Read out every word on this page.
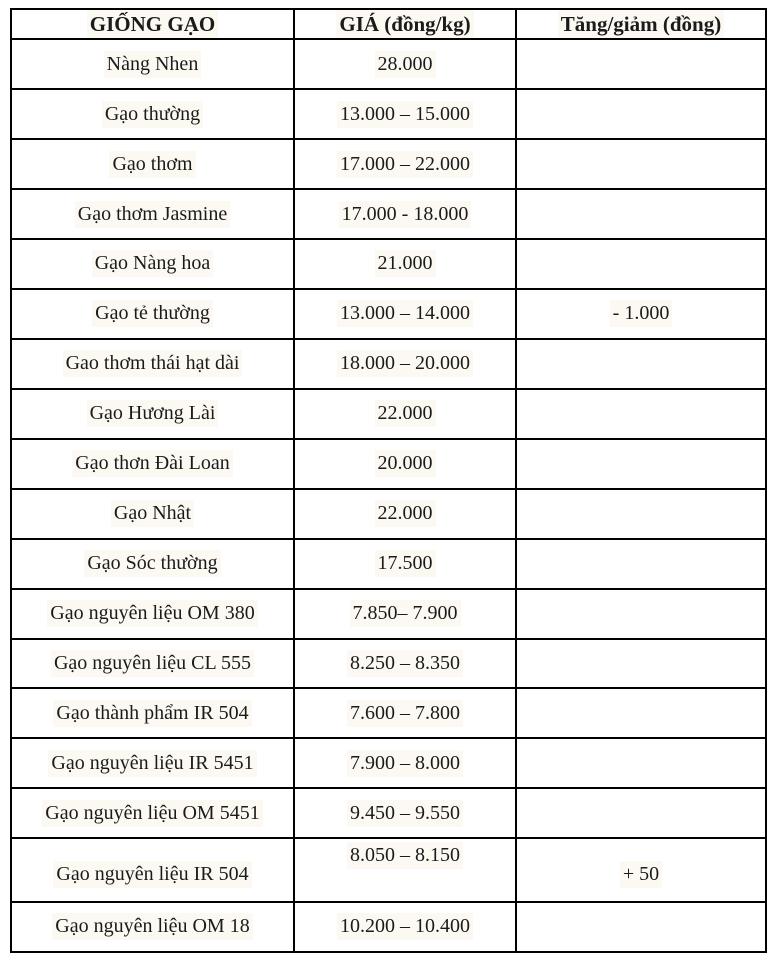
GIỐNG GẠO	GIÁ (đồng/kg)	Tăng/giảm (đồng)
Nàng Nhen	28.000	
Gạo thường	13.000 – 15.000	
Gạo thơm	17.000 – 22.000	
Gạo thơm Jasmine	17.000 - 18.000	
Gạo Nàng hoa	21.000	
Gạo tẻ thường	13.000 – 14.000	- 1.000
Gao thơm thái hạt dài	18.000 – 20.000	
Gạo Hương Lài	22.000	
Gạo thơn Đài Loan	20.000	
Gạo Nhật	22.000	
Gạo Sóc thường	17.500	
Gạo nguyên liệu OM 380	7.850– 7.900	
Gạo nguyên liệu CL 555	8.250 – 8.350	
Gạo thành phẩm IR 504	7.600 – 7.800	
Gạo nguyên liệu IR 5451	7.900 – 8.000	
Gạo nguyên liệu OM 5451	9.450 – 9.550	
Gạo nguyên liệu IR 504	8.050 – 8.150	+ 50
Gạo nguyên liệu OM 18	10.200 – 10.400	
